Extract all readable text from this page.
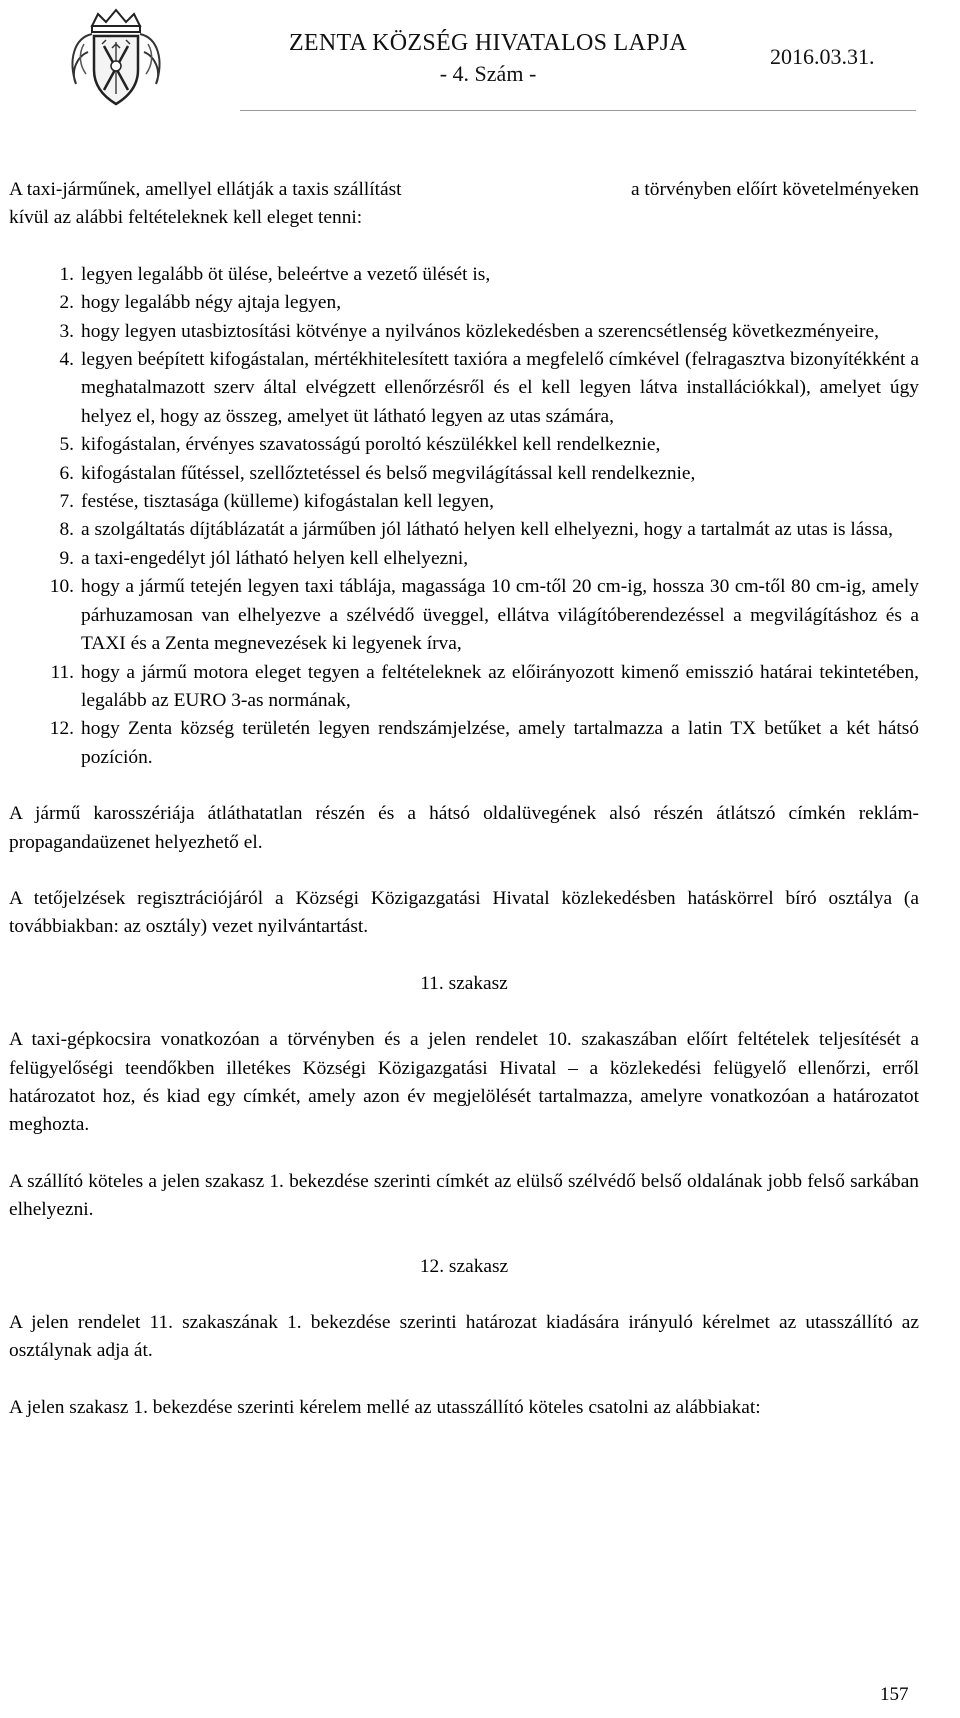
ZENTA KÖZSÉG HIVATALOS LAPJA
- 4. Szám -
2016.03.31.
A taxi-járműnek, amellyel ellátják a taxis szállítást	a törvényben előírt követelményeken
kívül az alábbi feltételeknek kell eleget tenni:
1. legyen legalább öt ülése, beleértve a vezető ülését is,
2. hogy legalább négy ajtaja legyen,
3. hogy legyen utasbiztosítási kötvénye a nyilvános közlekedésben a szerencsétlenség következményeire,
4. legyen beépített kifogástalan, mértékhitelesített taxióra a megfelelő címkével (felragasztva bizonyítékként a meghatalmazott szerv által elvégzett ellenőrzésről és el kell legyen látva installációkkal), amelyet úgy helyez el, hogy az összeg, amelyet üt látható legyen az utas számára,
5. kifogástalan, érvényes szavatosságú poroltó készülékkel kell rendelkeznie,
6. kifogástalan fűtéssel, szellőztetéssel és belső megvilágítással kell rendelkeznie,
7. festése, tisztasága (külleme) kifogástalan kell legyen,
8. a szolgáltatás díjtáblázatát a járműben jól látható helyen kell elhelyezni, hogy a tartalmát az utas is lássa,
9. a taxi-engedélyt jól látható helyen kell elhelyezni,
10. hogy a jármű tetején legyen taxi táblája, magassága 10 cm-től 20 cm-ig, hossza 30 cm-től 80 cm-ig, amely párhuzamosan van elhelyezve a szélvédő üveggel, ellátva világítóberendezéssel a megvilágításhoz és a TAXI és a Zenta megnevezések ki legyenek írva,
11. hogy a jármű motora eleget tegyen a feltételeknek az előirányozott kimenő emisszió határai tekintetében, legalább az EURO 3-as normának,
12. hogy Zenta község területén legyen rendszámjelzése, amely tartalmazza a latin TX betűket a két hátsó pozíción.

A jármű karosszériája átláthatatlan részén és a hátsó oldalüvegének alsó részén átlátszó címkén reklám-propagandaüzenet helyezhető el.

A tetőjelzések regisztrációjáról a Községi Közigazgatási Hivatal közlekedésben hatáskörrel bíró osztálya (a továbbiakban: az osztály) vezet nyilvántartást.

11. szakasz

A taxi-gépkocsira vonatkozóan a törvényben és a jelen rendelet 10. szakaszában előírt feltételek teljesítését a felügyelőségi teendőkben illetékes Községi Közigazgatási Hivatal – a közlekedési felügyelő ellenőrzi, erről határozatot hoz, és kiad egy címkét, amely azon év megjelölését tartalmazza, amelyre vonatkozóan a határozatot meghozta.

A szállító köteles a jelen szakasz 1. bekezdése szerinti címkét az elülső szélvédő belső oldalának jobb felső sarkában elhelyezni.

12. szakasz

A jelen rendelet 11. szakaszának 1. bekezdése szerinti határozat kiadására irányuló kérelmet az utasszállító az osztálynak adja át.

A jelen szakasz 1. bekezdése szerinti kérelem mellé az utasszállító köteles csatolni az alábbiakat:

157
